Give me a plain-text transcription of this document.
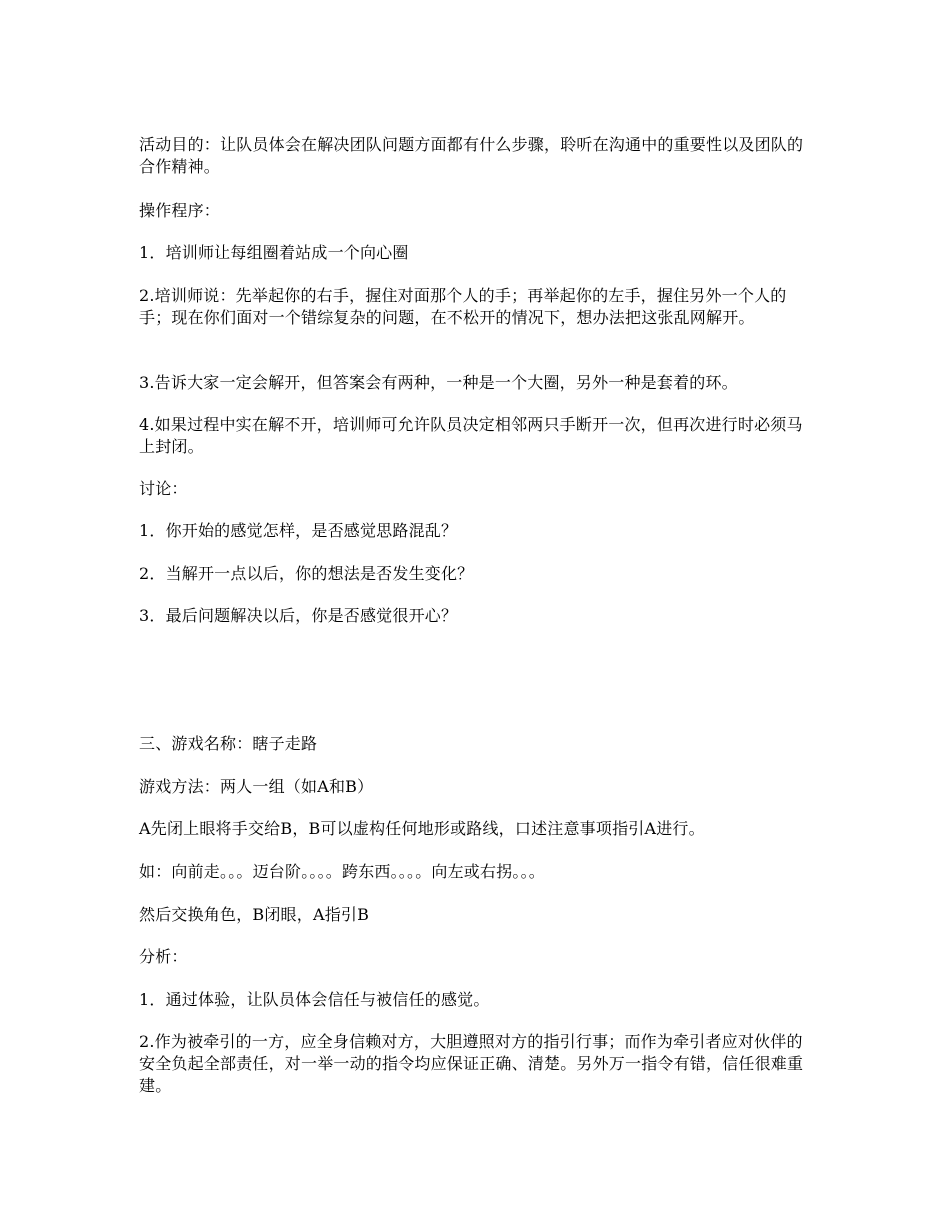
活动目的：让队员体会在解决团队问题方面都有什么步骤，聆听在沟通中的重要性以及团队的合作精神。

操作程序：

1．培训师让每组圈着站成一个向心圈

2.培训师说：先举起你的右手，握住对面那个人的手；再举起你的左手，握住另外一个人的手；现在你们面对一个错综复杂的问题，在不松开的情况下，想办法把这张乱网解开。

3.告诉大家一定会解开，但答案会有两种，一种是一个大圈，另外一种是套着的环。

4.如果过程中实在解不开，培训师可允许队员决定相邻两只手断开一次，但再次进行时必须马上封闭。

讨论：

1．你开始的感觉怎样，是否感觉思路混乱？

2．当解开一点以后，你的想法是否发生变化？

3．最后问题解决以后，你是否感觉很开心？

三、游戏名称：瞎子走路

游戏方法：两人一组（如A和B）

A先闭上眼将手交给B，B可以虚构任何地形或路线，口述注意事项指引A进行。

如：向前走。。。迈台阶。。。。跨东西。。。。向左或右拐。。。

然后交换角色，B闭眼，A指引B

分析：

1．通过体验，让队员体会信任与被信任的感觉。

2.作为被牵引的一方，应全身信赖对方，大胆遵照对方的指引行事；而作为牵引者应对伙伴的安全负起全部责任，对一举一动的指令均应保证正确、清楚。另外万一指令有错，信任很难重建。
